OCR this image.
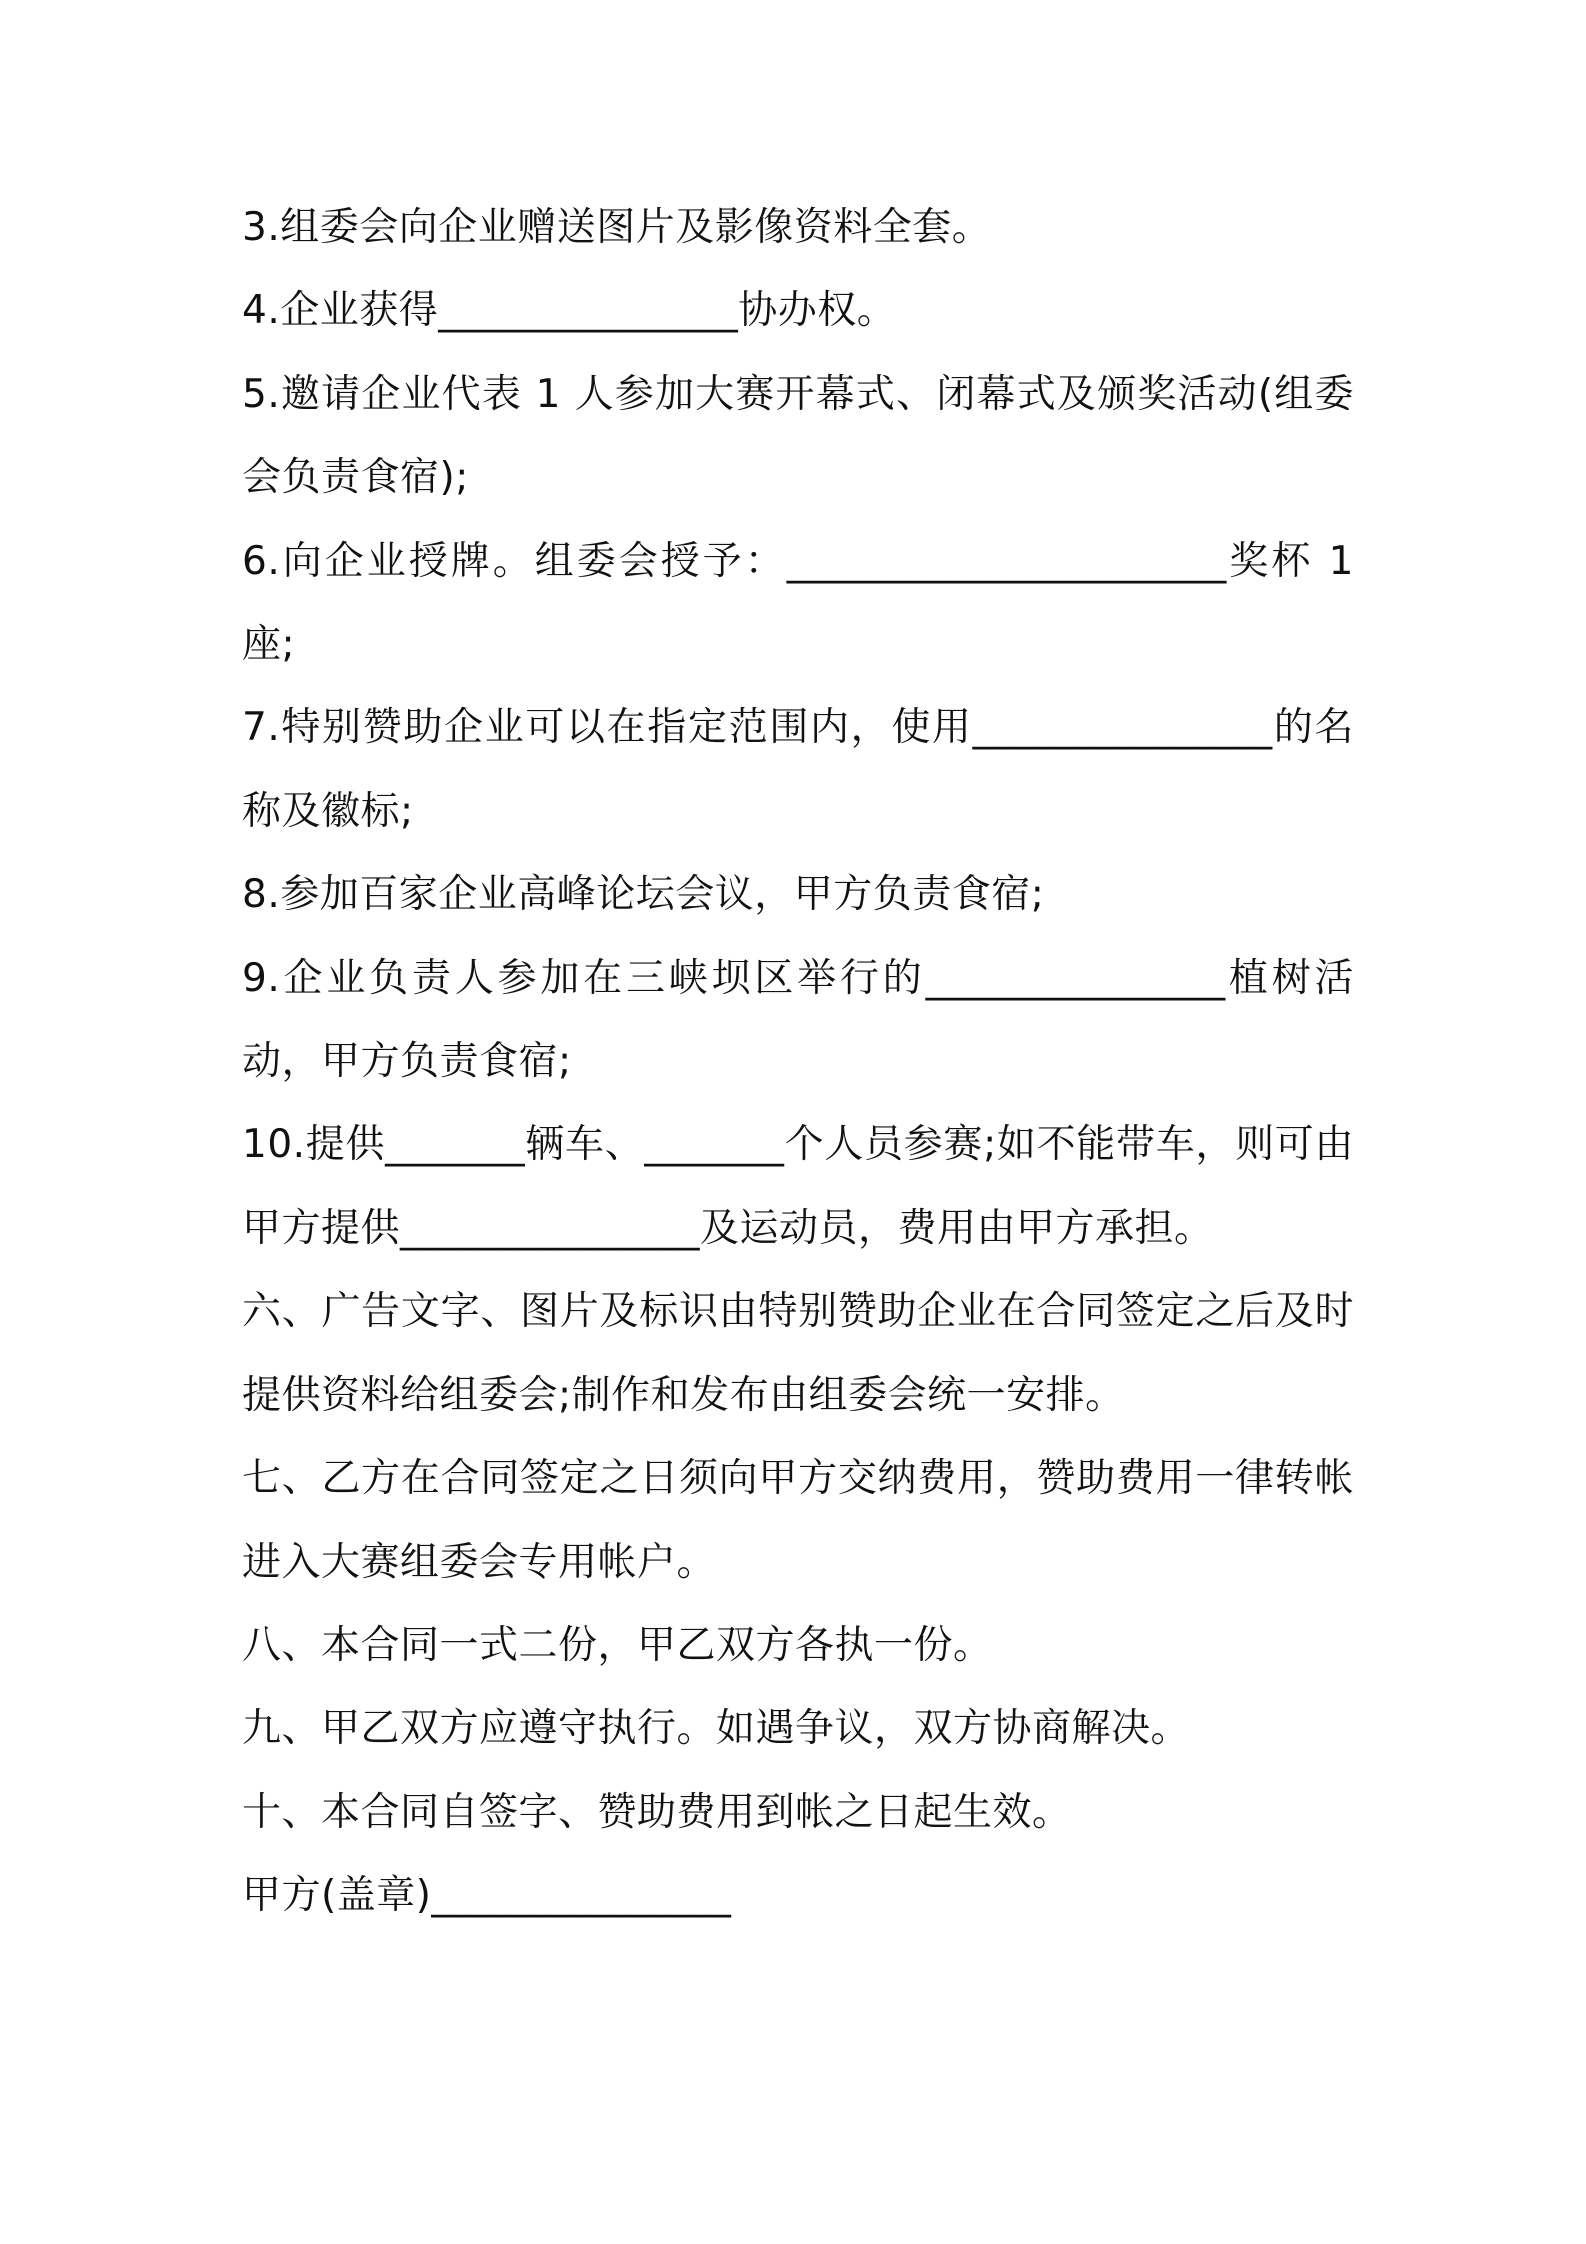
3.组委会向企业赠送图片及影像资料全套。

4.企业获得_______________协办权。

5.邀请企业代表 1 人参加大赛开幕式、闭幕式及颁奖活动(组委会负责食宿);

6.向企业授牌。组委会授予：______________________奖杯 1 座;

7.特别赞助企业可以在指定范围内，使用_______________的名称及徽标;

8.参加百家企业高峰论坛会议，甲方负责食宿;

9.企业负责人参加在三峡坝区举行的_______________植树活动，甲方负责食宿;

10.提供_______辆车、_______个人员参赛;如不能带车，则可由甲方提供_______________及运动员，费用由甲方承担。

六、广告文字、图片及标识由特别赞助企业在合同签定之后及时提供资料给组委会;制作和发布由组委会统一安排。

七、乙方在合同签定之日须向甲方交纳费用，赞助费用一律转帐进入大赛组委会专用帐户。

八、本合同一式二份，甲乙双方各执一份。

九、甲乙双方应遵守执行。如遇争议，双方协商解决。

十、本合同自签字、赞助费用到帐之日起生效。

甲方(盖章)_______________
